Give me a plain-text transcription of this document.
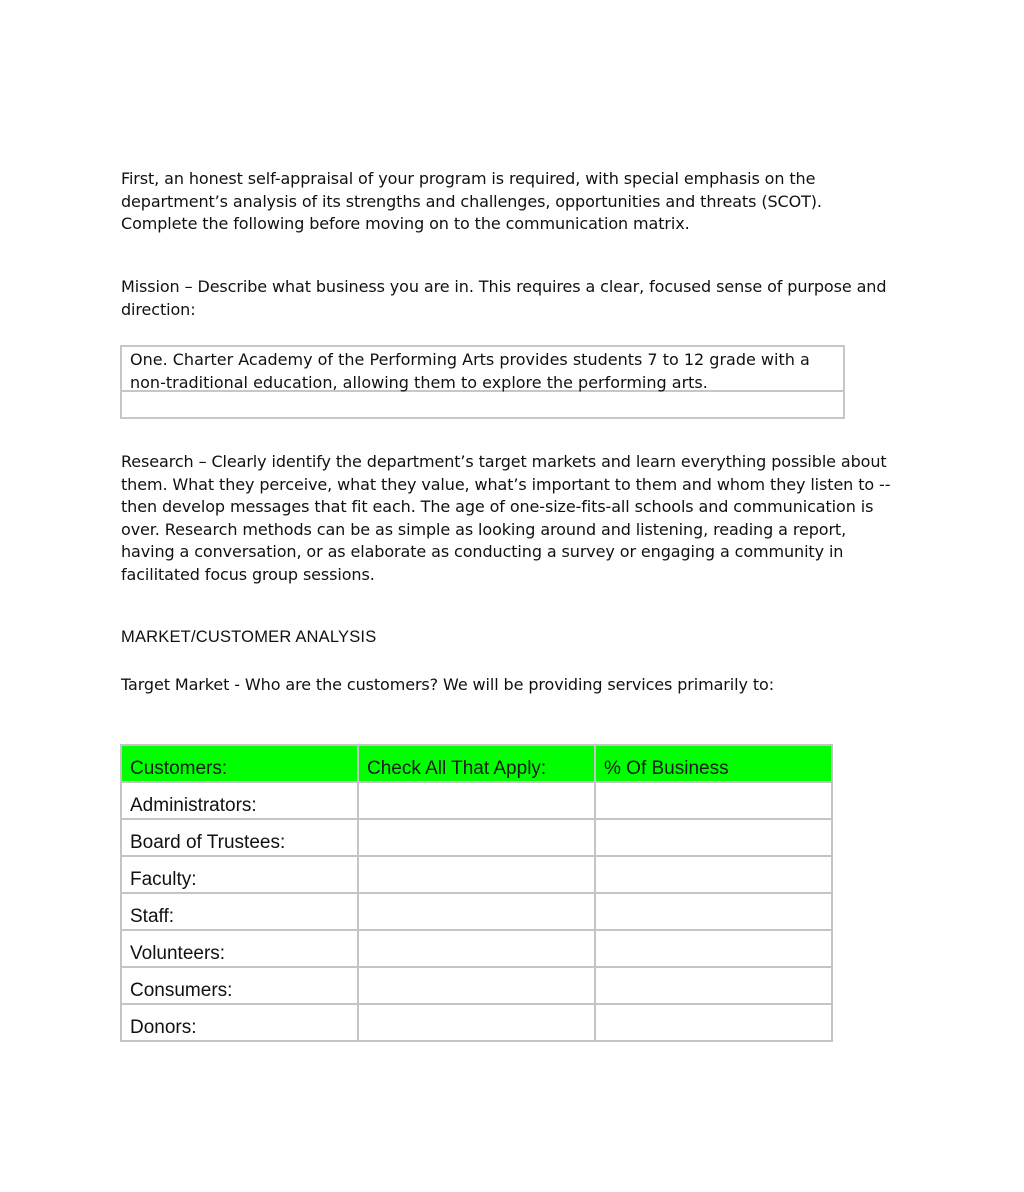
First, an honest self-appraisal of your program is required, with special emphasis on the department’s analysis of its strengths and challenges, opportunities and threats (SCOT). Complete the following before moving on to the communication matrix.

Mission – Describe what business you are in. This requires a clear, focused sense of purpose and direction:

One. Charter Academy of the Performing Arts provides students 7 to 12 grade with a non-traditional education, allowing them to explore the performing arts.

Research – Clearly identify the department’s target markets and learn everything possible about them. What they perceive, what they value, what’s important to them and whom they listen to -- then develop messages that fit each. The age of one-size-fits-all schools and communication is over. Research methods can be as simple as looking around and listening, reading a report, having a conversation, or as elaborate as conducting a survey or engaging a community in facilitated focus group sessions.

MARKET/CUSTOMER ANALYSIS

Target Market - Who are the customers? We will be providing services primarily to:

Customers:	Check All That Apply:	% Of Business
Administrators:		
Board of Trustees:		
Faculty:		
Staff:		
Volunteers:		
Consumers:		
Donors:		
